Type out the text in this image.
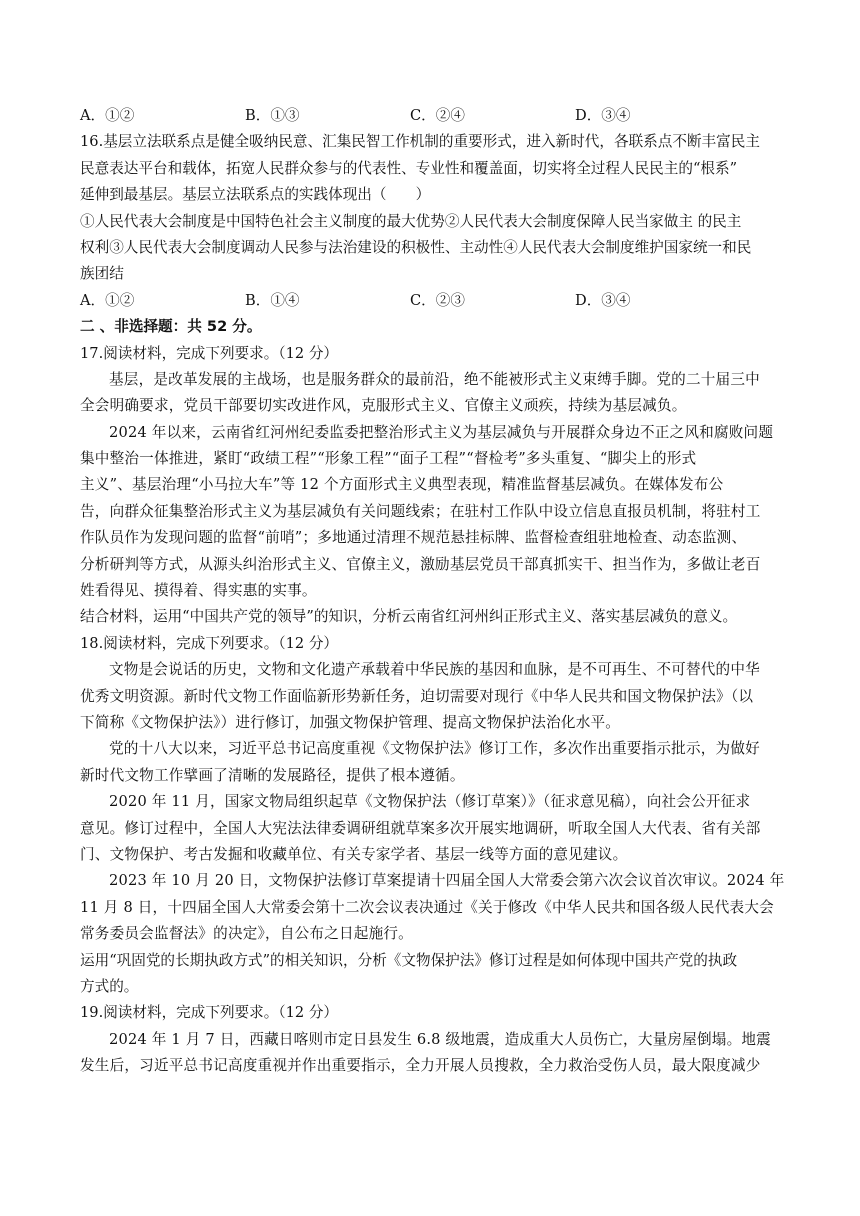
A．①②	B．①③	C．②④	D．③④
16.基层立法联系点是健全吸纳民意、汇集民智工作机制的重要形式，进入新时代，各联系点不断丰富民主
民意表达平台和载体，拓宽人民群众参与的代表性、专业性和覆盖面，切实将全过程人民民主的“根系”
延伸到最基层。基层立法联系点的实践体现出（　　）
①人民代表大会制度是中国特色社会主义制度的最大优势②人民代表大会制度保障人民当家做主 的民主
权利③人民代表大会制度调动人民参与法治建设的积极性、主动性④人民代表大会制度维护国家统一和民
族团结
A．①②	B．①④	C．②③	D．③④
二 、非选择题：共 52 分。
17.阅读材料，完成下列要求。（12 分）
基层，是改革发展的主战场，也是服务群众的最前沿，绝不能被形式主义束缚手脚。党的二十届三中
全会明确要求，党员干部要切实改进作风，克服形式主义、官僚主义顽疾，持续为基层减负。
2024 年以来，云南省红河州纪委监委把整治形式主义为基层减负与开展群众身边不正之风和腐败问题
集中整治一体推进，紧盯“政绩工程”“形象工程”“面子工程”“督检考”多头重复、“脚尖上的形式
主义”、基层治理“小马拉大车”等 12 个方面形式主义典型表现，精准监督基层减负。在媒体发布公
告，向群众征集整治形式主义为基层减负有关问题线索；在驻村工作队中设立信息直报员机制，将驻村工
作队员作为发现问题的监督“前哨”；多地通过清理不规范悬挂标牌、监督检查组驻地检查、动态监测、
分析研判等方式，从源头纠治形式主义、官僚主义，激励基层党员干部真抓实干、担当作为，多做让老百
姓看得见、摸得着、得实惠的实事。
结合材料，运用“中国共产党的领导”的知识，分析云南省红河州纠正形式主义、落实基层减负的意义。
18.阅读材料，完成下列要求。（12 分）
文物是会说话的历史，文物和文化遗产承载着中华民族的基因和血脉，是不可再生、不可替代的中华
优秀文明资源。新时代文物工作面临新形势新任务，迫切需要对现行《中华人民共和国文物保护法》（以
下简称《文物保护法》）进行修订，加强文物保护管理、提高文物保护法治化水平。
党的十八大以来，习近平总书记高度重视《文物保护法》修订工作，多次作出重要指示批示，为做好
新时代文物工作擘画了清晰的发展路径，提供了根本遵循。
2020 年 11 月，国家文物局组织起草《文物保护法（修订草案）》（征求意见稿），向社会公开征求
意见。修订过程中，全国人大宪法法律委调研组就草案多次开展实地调研，听取全国人大代表、省有关部
门、文物保护、考古发掘和收藏单位、有关专家学者、基层一线等方面的意见建议。
2023 年 10 月 20 日，文物保护法修订草案提请十四届全国人大常委会第六次会议首次审议。2024 年
11 月 8 日，十四届全国人大常委会第十二次会议表决通过《关于修改《中华人民共和国各级人民代表大会
常务委员会监督法》的决定》，自公布之日起施行。
运用“巩固党的长期执政方式”的相关知识，分析《文物保护法》修订过程是如何体现中国共产党的执政
方式的。
19.阅读材料，完成下列要求。（12 分）
2024 年 1 月 7 日，西藏日喀则市定日县发生 6.8 级地震，造成重大人员伤亡，大量房屋倒塌。地震
发生后，习近平总书记高度重视并作出重要指示，全力开展人员搜救，全力救治受伤人员，最大限度减少
